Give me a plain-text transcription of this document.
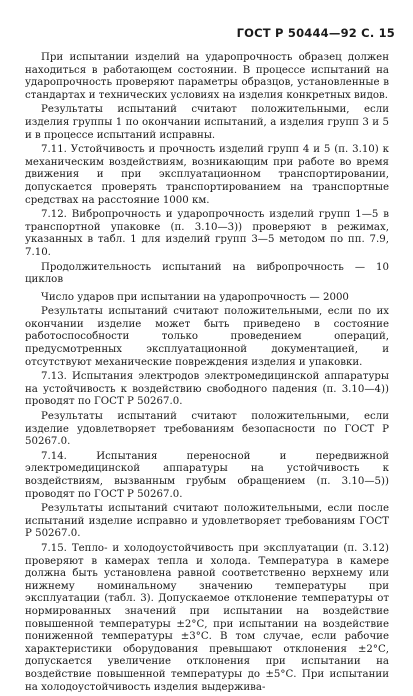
ГОСТ Р 50444—92 С. 15

При испытании изделий на ударопрочность образец должен находиться в работающем состоянии. В процессе испытаний на ударопрочность проверяют параметры образцов, установленные в стандартах и технических условиях на изделия конкретных видов.

Результаты испытаний считают положительными, если изделия группы 1 по окончании испытаний, а изделия групп 3 и 5 и в процессе испытаний исправны.

7.11. Устойчивость и прочность изделий групп 4 и 5 (п. 3.10) к механическим воздействиям, возникающим при работе во время движения и при эксплуатационном транспортировании, допускается проверять транспортированием на транспортные средствах на расстояние 1000 км.

7.12. Вибропрочность и ударопрочность изделий групп 1—5 в транспортной упаковке (п. 3.10—3)) проверяют в режимах, указанных в табл. 1 для изделий групп 3—5 методом по пп. 7.9, 7.10.

Продолжительность испытаний на вибропрочность — 10 циклов

Число ударов при испытании на ударопрочность — 2000

Результаты испытаний считают положительными, если по их окончании изделие может быть приведено в состояние работоспособности только проведением операций, предусмотренных эксплуатационной документацией, и отсутствуют механические повреждения изделия и упаковки.

7.13. Испытания электродов электромедицинской аппаратуры на устойчивость к воздействию свободного падения (п. 3.10—4)) проводят по ГОСТ Р 50267.0.

Результаты испытаний считают положительными, если изделие удовлетворяет требованиям безопасности по ГОСТ Р 50267.0.

7.14. Испытания переносной и передвижной электромедицинской аппаратуры на устойчивость к воздействиям, вызванным грубым обращением (п. 3.10—5)) проводят по ГОСТ Р 50267.0.

Результаты испытаний считают положительными, если после испытаний изделие исправно и удовлетворяет требованиям ГОСТ Р 50267.0.

7.15. Тепло- и холодоустойчивость при эксплуатации (п. 3.12) проверяют в камерах тепла и холода. Температура в камере должна быть установлена равной соответственно верхнему или нижнему номинальному значению температуры при эксплуатации (табл. 3). Допускаемое отклонение температуры от нормированных значений при испытании на воздействие повышенной температуры ±2°С, при испытании на воздействие пониженной температуры ±3°С. В том случае, если рабочие характеристики оборудования превышают отклонения ±2°С, допускается увеличение отклонения при испытании на воздействие повышенной температуры до ±5°С. При испытании на холодоустойчивость изделия выдержива-
